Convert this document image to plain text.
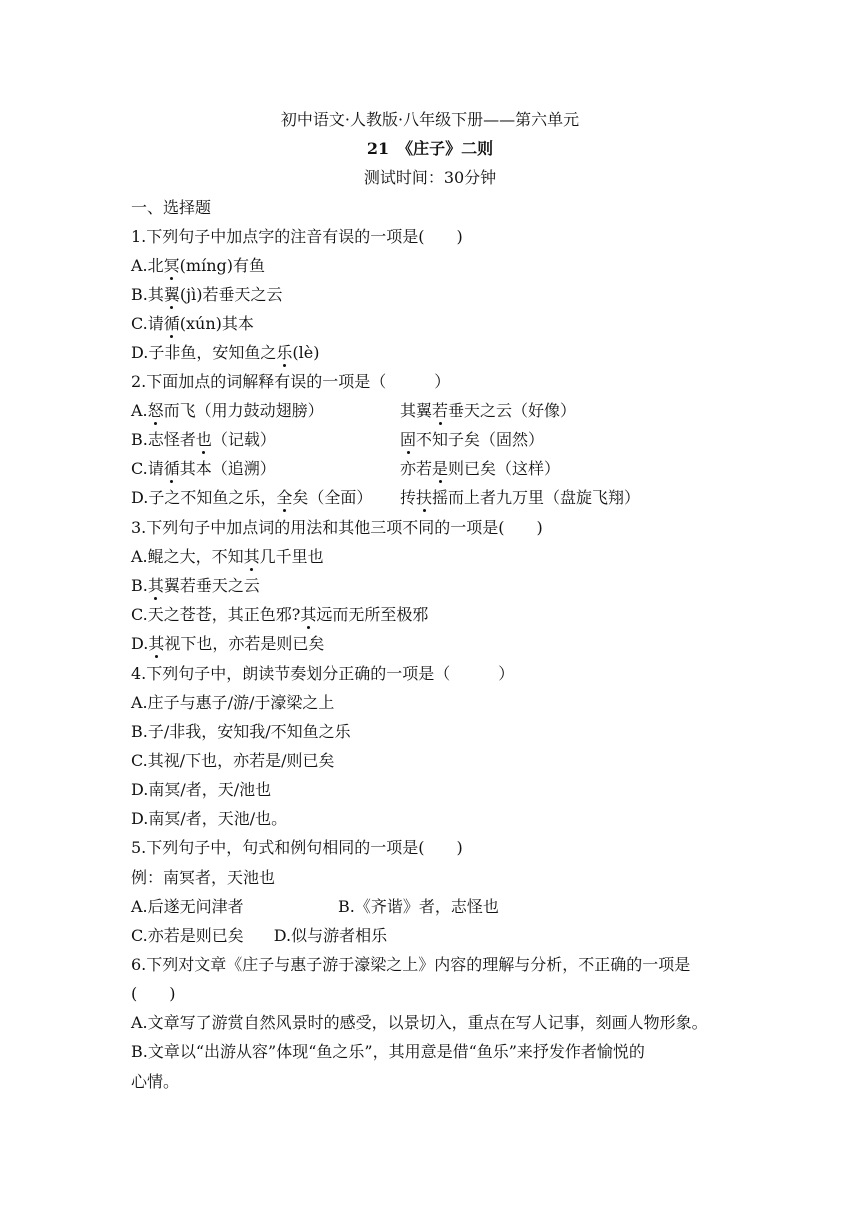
初中语文·人教版·八年级下册——第六单元
21　《庄子》二则
测试时间：30分钟
一、选择题
1.下列句子中加点字的注音有误的一项是(　　)
A.北冥(míng)有鱼
B.其翼(jì)若垂天之云
C.请循(xún)其本
D.子非鱼，安知鱼之乐(lè)
2.下面加点的词解释有误的一项是（　　　）
A.怒而飞（用力鼓动翅膀）	其翼若垂天之云（好像）
B.志怪者也（记载）	固不知子矣（固然）
C.请循其本（追溯）	亦若是则已矣（这样）
D.子之不知鱼之乐，全矣（全面） 抟扶摇而上者九万里（盘旋飞翔）
3.下列句子中加点词的用法和其他三项不同的一项是(　　)
A.鲲之大，不知其几千里也
B.其翼若垂天之云
C.天之苍苍，其正色邪?其远而无所至极邪
D.其视下也，亦若是则已矣
4.下列句子中，朗读节奏划分正确的一项是（　　　）
A.庄子与惠子/游/于濠梁之上
B.子/非我，安知我/不知鱼之乐
C.其视/下也，亦若是/则已矣
D.南冥/者，天/池也
D.南冥/者，天池/也。
5.下列句子中，句式和例句相同的一项是(　　)
例：南冥者，天池也
A.后遂无问津者	B.《齐谐》者，志怪也
C.亦若是则已矣 D.似与游者相乐
6.下列对文章《庄子与惠子游于濠梁之上》内容的理解与分析，不正确的一项是
(　　)
A.文章写了游赏自然风景时的感受，以景切入，重点在写人记事，刻画人物形象。
B.文章以“出游从容”体现“鱼之乐”，其用意是借“鱼乐”来抒发作者愉悦的
心情。
